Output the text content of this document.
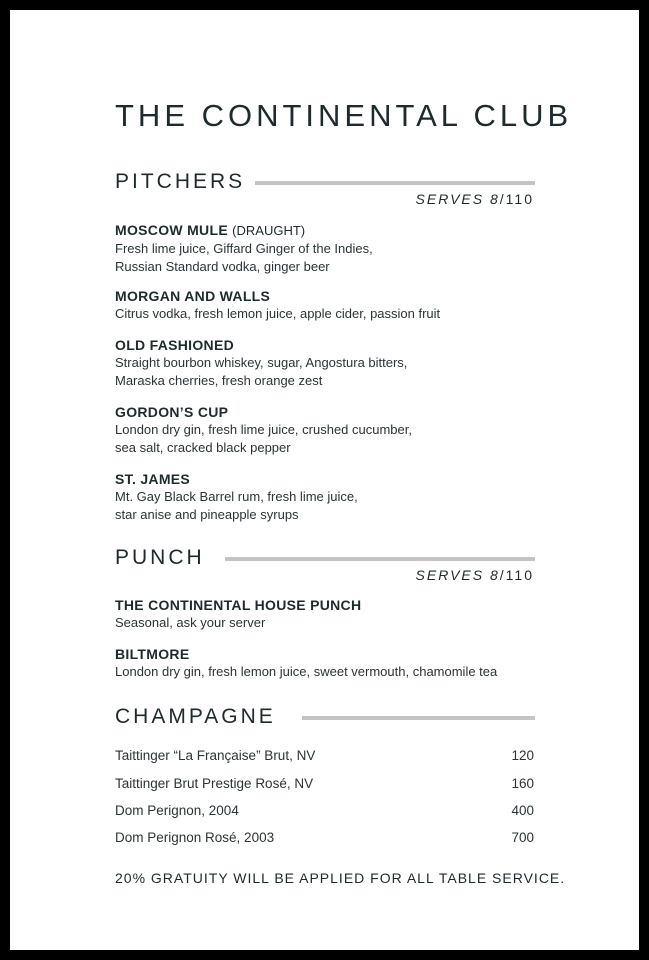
THE CONTINENTAL CLUB
PITCHERS
SERVES 8/110
MOSCOW MULE (DRAUGHT)
Fresh lime juice, Giffard Ginger of the Indies,
Russian Standard vodka, ginger beer
MORGAN AND WALLS
Citrus vodka, fresh lemon juice, apple cider, passion fruit
OLD FASHIONED
Straight bourbon whiskey, sugar, Angostura bitters,
Maraska cherries, fresh orange zest
GORDON’S CUP
London dry gin, fresh lime juice, crushed cucumber,
sea salt, cracked black pepper
ST. JAMES
Mt. Gay Black Barrel rum, fresh lime juice,
star anise and pineapple syrups
PUNCH
SERVES 8/110
THE CONTINENTAL HOUSE PUNCH
Seasonal, ask your server
BILTMORE
London dry gin, fresh lemon juice, sweet vermouth, chamomile tea
CHAMPAGNE
Taittinger “La Française” Brut, NV	120
Taittinger Brut Prestige Rosé, NV	160
Dom Perignon, 2004	400
Dom Perignon Rosé, 2003	700
20% GRATUITY WILL BE APPLIED FOR ALL TABLE SERVICE.
